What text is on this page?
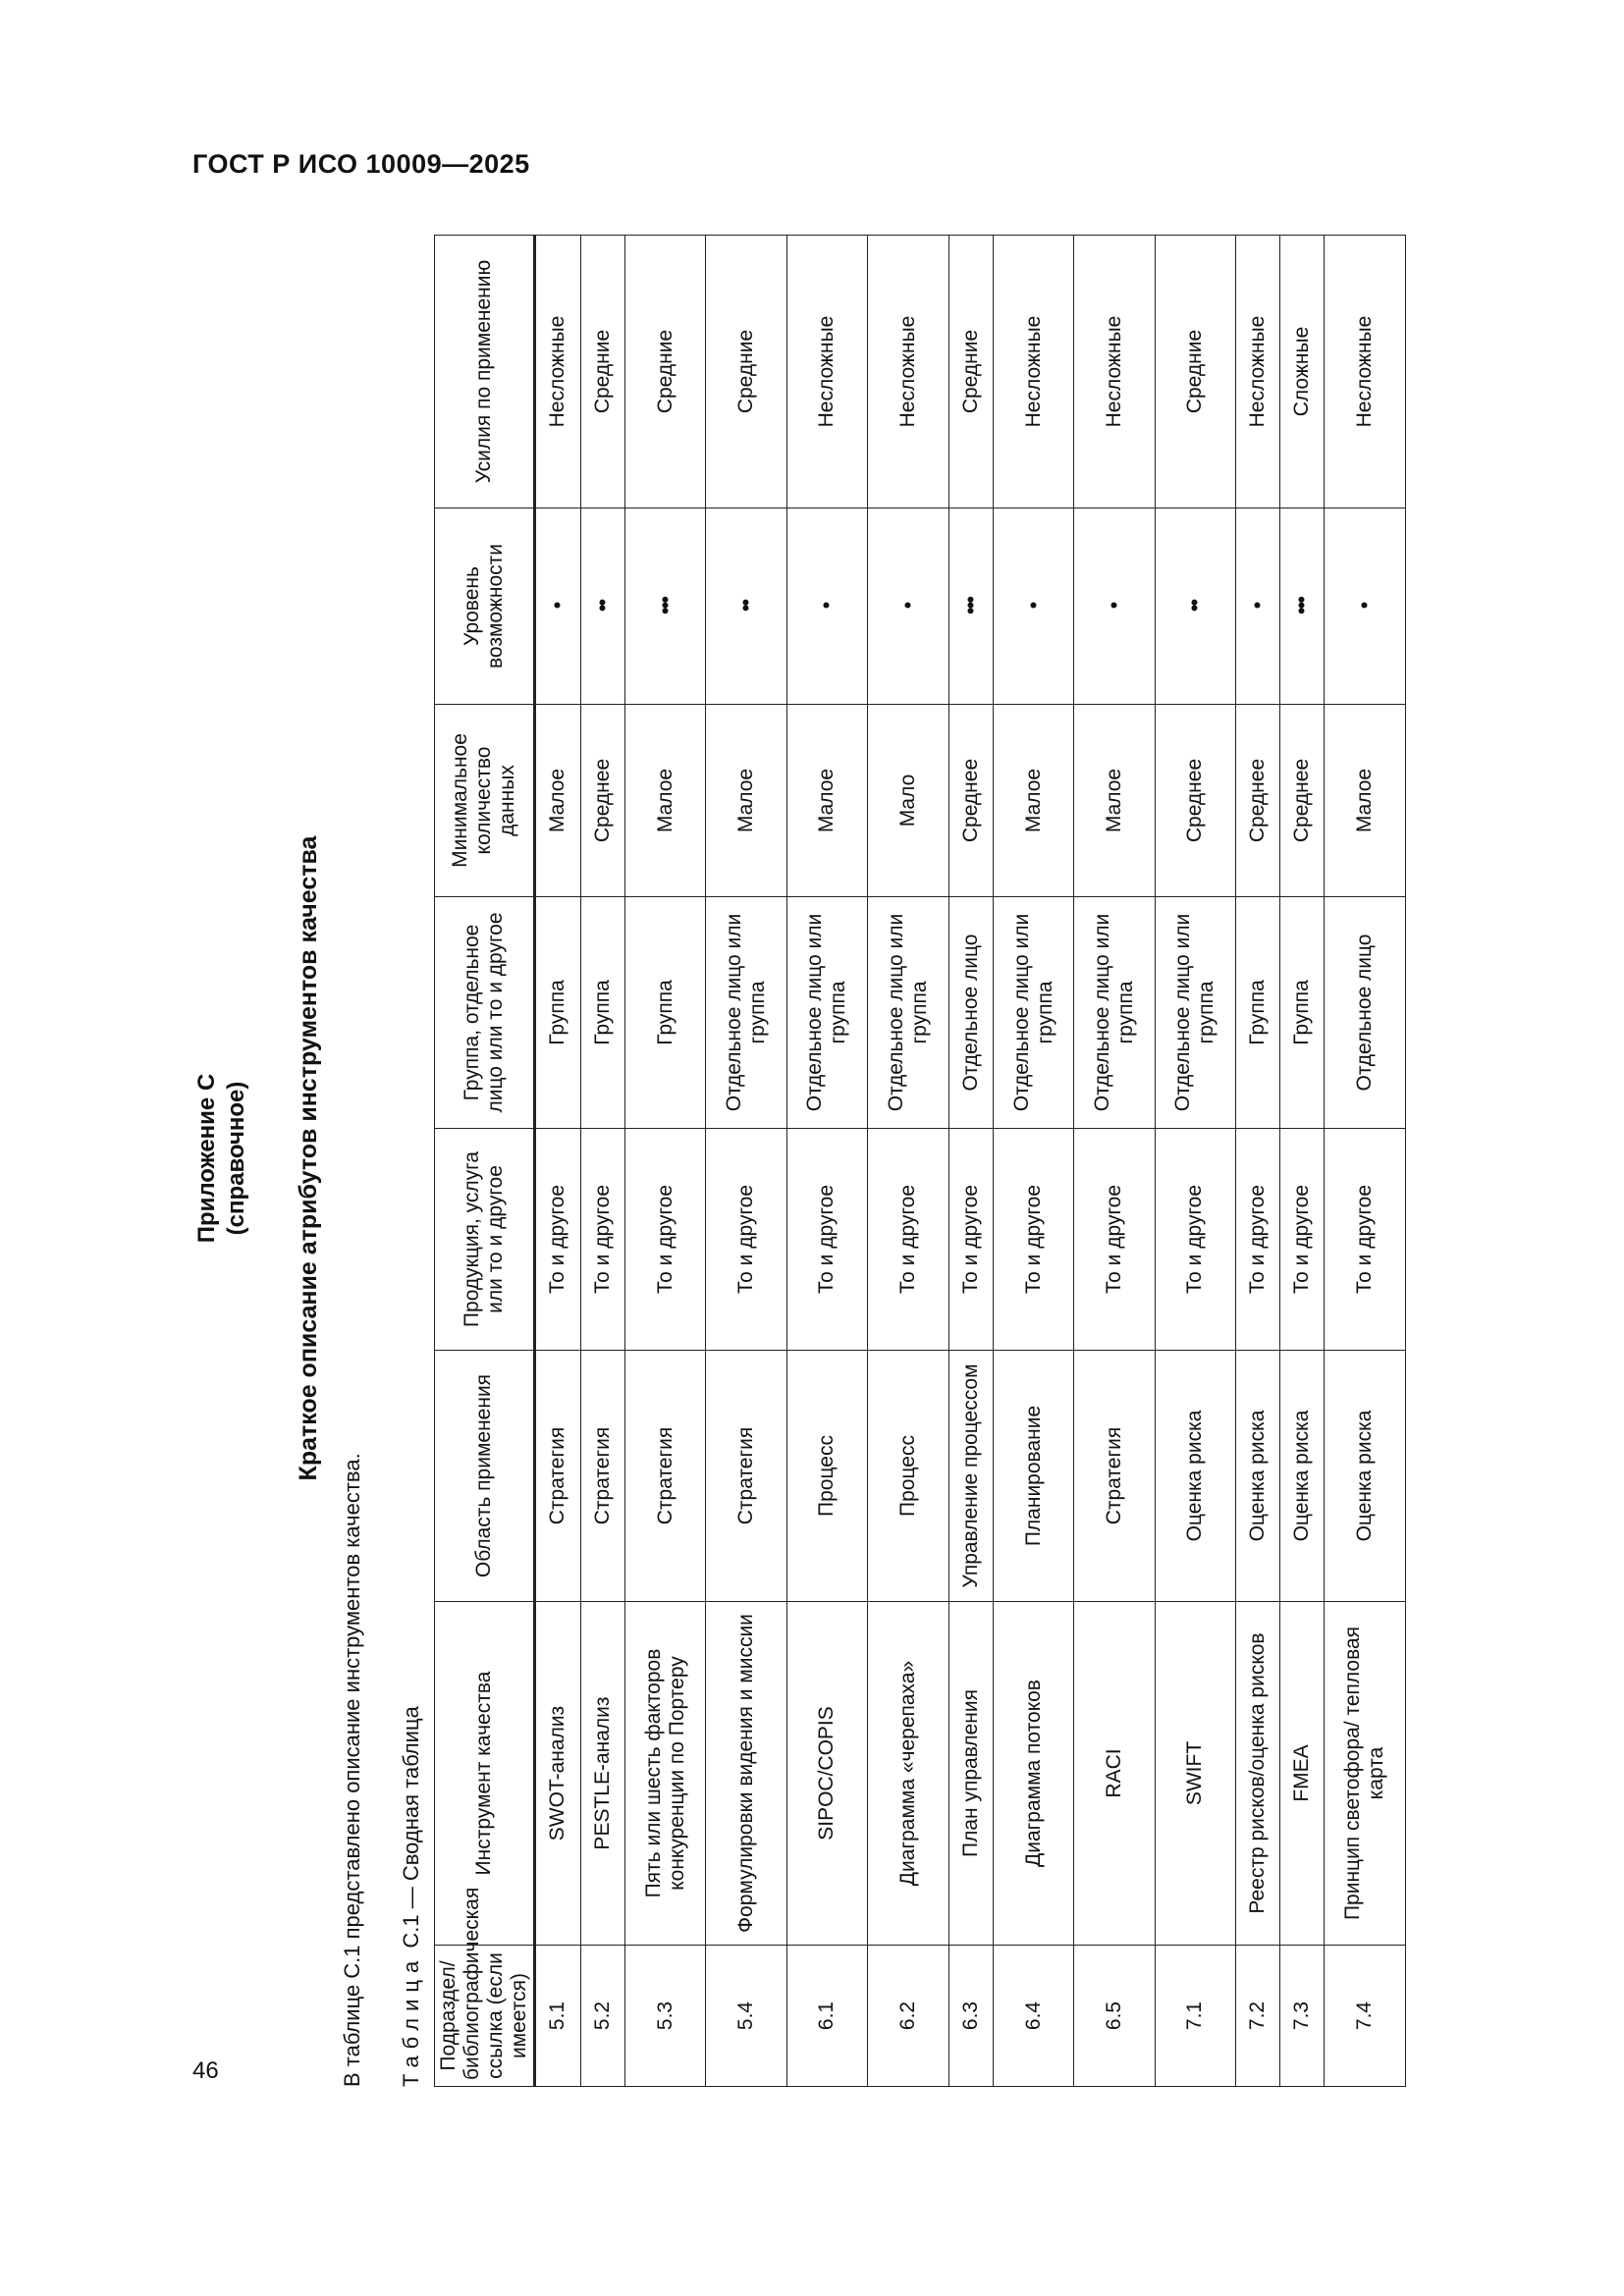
ГОСТ Р ИСО 10009—2025
46
Приложение С (справочное) Краткое описание атрибутов инструментов качества
В таблице С.1 представлено описание инструментов качества. Таблица С.1 — Сводная таблица
Подраздел/ библиографическая ссылка (если имеется)	Инструмент качества	Область применения	Продукция, услуга или то и другое	Группа, отдельное лицо или то и другое	Минимальное количество данных	Уровень возможности	Усилия по применению
5.1	SWOT-анализ	Стратегия	То и другое	Группа	Малое	•	Несложные
5.2	PESTLE-анализ	Стратегия	То и другое	Группа	Среднее	••	Средние
5.3	Пять или шесть факторов конкуренции по Портеру	Стратегия	То и другое	Группа	Малое	•••	Средние
5.4	Формулировки видения и миссии	Стратегия	То и другое	Отдельное лицо или группа	Малое	••	Средние
6.1	SIPOC/COPIS	Процесс	То и другое	Отдельное лицо или группа	Малое	•	Несложные
6.2	Диаграмма «черепаха»	Процесс	То и другое	Отдельное лицо или группа	Мало	•	Несложные
6.3	План управления	Управление процессом	То и другое	Отдельное лицо	Среднее	•••	Средние
6.4	Диаграмма потоков	Планирование	То и другое	Отдельное лицо или группа	Малое	•	Несложные
6.5	RACI	Стратегия	То и другое	Отдельное лицо или группа	Малое	•	Несложные
7.1	SWIFT	Оценка риска	То и другое	Отдельное лицо или группа	Среднее	••	Средние
7.2	Реестр рисков/оценка рисков	Оценка риска	То и другое	Группа	Среднее	•	Несложные
7.3	FMEA	Оценка риска	То и другое	Группа	Среднее	•••	Сложные
7.4	Принцип светофора/ тепловая карта	Оценка риска	То и другое	Отдельное лицо	Малое	•	Несложные
